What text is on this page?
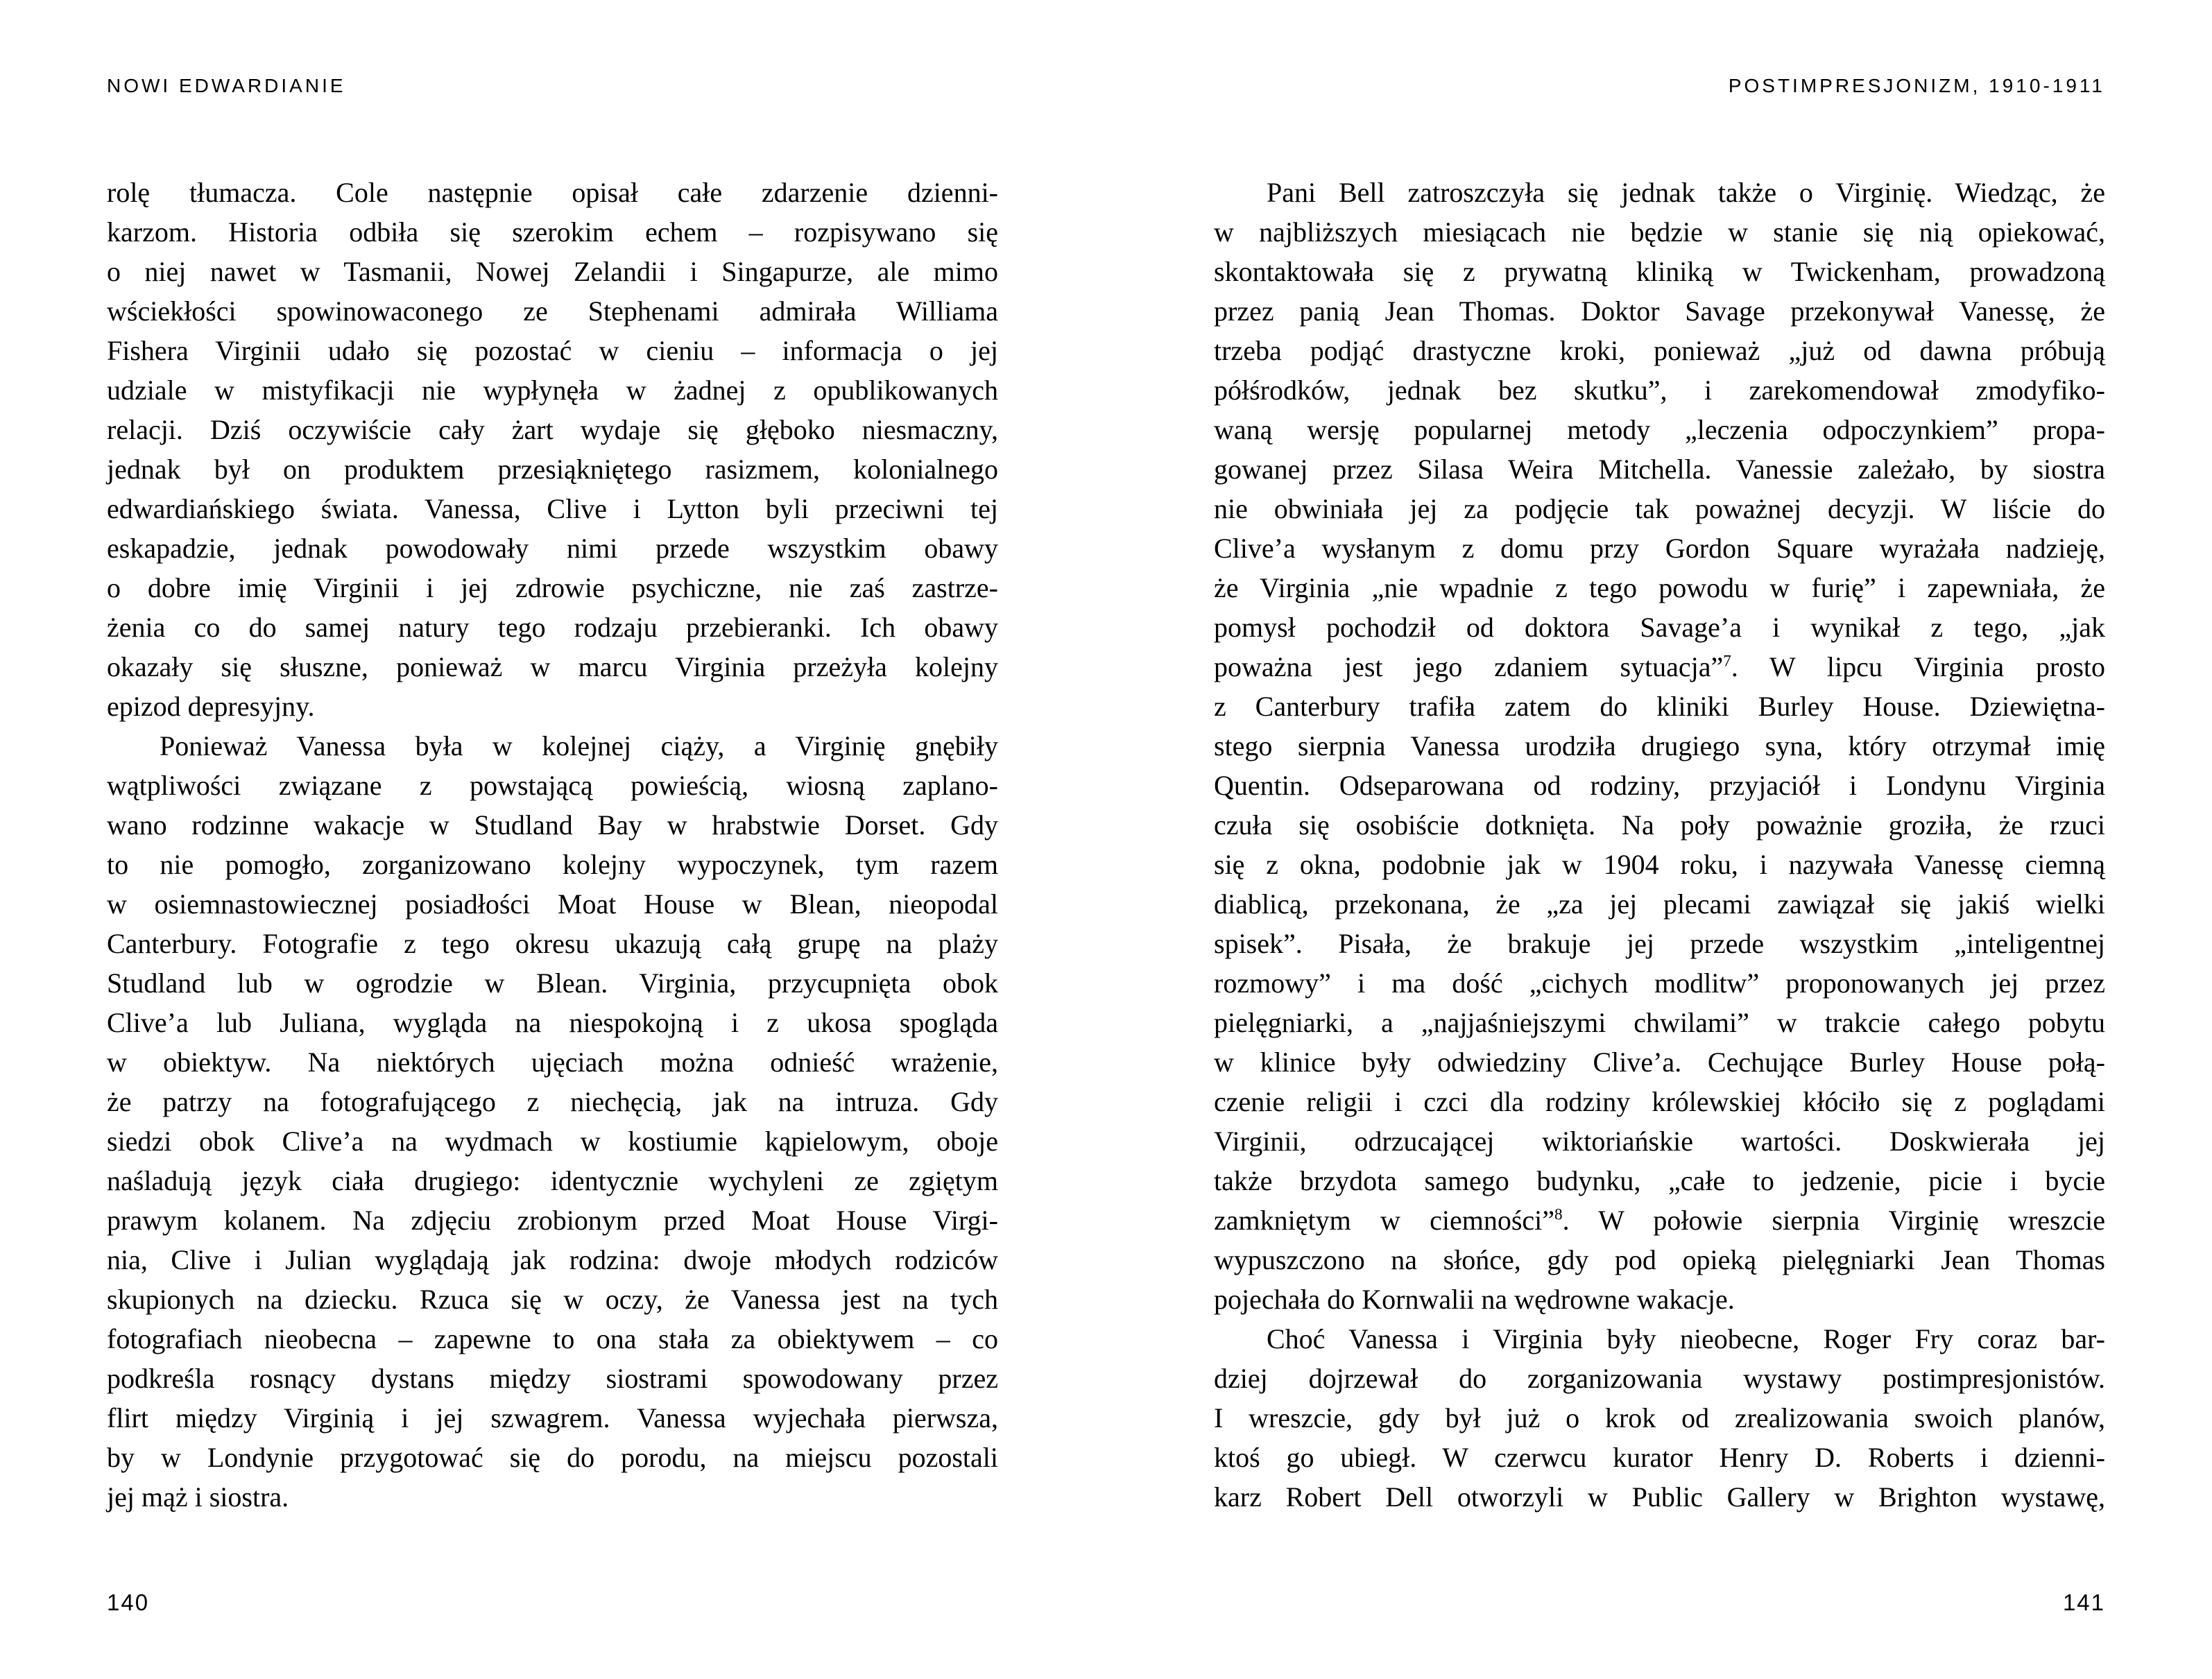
NOWI EDWARDIANIE
rolę tłumacza. Cole następnie opisał całe zdarzenie dzienni-
karzom. Historia odbiła się szerokim echem – rozpisywano się
o niej nawet w Tasmanii, Nowej Zelandii i Singapurze, ale mimo
wściekłości spowinowaconego ze Stephenami admirała Williama
Fishera Virginii udało się pozostać w cieniu – informacja o jej
udziale w mistyfikacji nie wypłynęła w żadnej z opublikowanych
relacji. Dziś oczywiście cały żart wydaje się głęboko niesmaczny,
jednak był on produktem przesiąkniętego rasizmem, kolonialnego
edwardiańskiego świata. Vanessa, Clive i Lytton byli przeciwni tej
eskapadzie, jednak powodowały nimi przede wszystkim obawy
o dobre imię Virginii i jej zdrowie psychiczne, nie zaś zastrze-
żenia co do samej natury tego rodzaju przebieranki. Ich obawy
okazały się słuszne, ponieważ w marcu Virginia przeżyła kolejny
epizod depresyjny.
Ponieważ Vanessa była w kolejnej ciąży, a Virginię gnębiły
wątpliwości związane z powstającą powieścią, wiosną zaplano-
wano rodzinne wakacje w Studland Bay w hrabstwie Dorset. Gdy
to nie pomogło, zorganizowano kolejny wypoczynek, tym razem
w osiemnastowiecznej posiadłości Moat House w Blean, nieopodal
Canterbury. Fotografie z tego okresu ukazują całą grupę na plaży
Studland lub w ogrodzie w Blean. Virginia, przycupnięta obok
Clive’a lub Juliana, wygląda na niespokojną i z ukosa spogląda
w obiektyw. Na niektórych ujęciach można odnieść wrażenie,
że patrzy na fotografującego z niechęcią, jak na intruza. Gdy
siedzi obok Clive’a na wydmach w kostiumie kąpielowym, oboje
naśladują język ciała drugiego: identycznie wychyleni ze zgiętym
prawym kolanem. Na zdjęciu zrobionym przed Moat House Virgi-
nia, Clive i Julian wyglądają jak rodzina: dwoje młodych rodziców
skupionych na dziecku. Rzuca się w oczy, że Vanessa jest na tych
fotografiach nieobecna – zapewne to ona stała za obiektywem – co
podkreśla rosnący dystans między siostrami spowodowany przez
flirt między Virginią i jej szwagrem. Vanessa wyjechała pierwsza,
by w Londynie przygotować się do porodu, na miejscu pozostali
jej mąż i siostra.
140
POSTIMPRESJONIZM, 1910-1911
Pani Bell zatroszczyła się jednak także o Virginię. Wiedząc, że
w najbliższych miesiącach nie będzie w stanie się nią opiekować,
skontaktowała się z prywatną kliniką w Twickenham, prowadzoną
przez panią Jean Thomas. Doktor Savage przekonywał Vanessę, że
trzeba podjąć drastyczne kroki, ponieważ „już od dawna próbują
półśrodków, jednak bez skutku”, i zarekomendował zmodyfiko-
waną wersję popularnej metody „leczenia odpoczynkiem” propa-
gowanej przez Silasa Weira Mitchella. Vanessie zależało, by siostra
nie obwiniała jej za podjęcie tak poważnej decyzji. W liście do
Clive’a wysłanym z domu przy Gordon Square wyrażała nadzieję,
że Virginia „nie wpadnie z tego powodu w furię” i zapewniała, że
pomysł pochodził od doktora Savage’a i wynikał z tego, „jak
poważna jest jego zdaniem sytuacja”$^7$. W lipcu Virginia prosto
z Canterbury trafiła zatem do kliniki Burley House. Dziewiętna-
stego sierpnia Vanessa urodziła drugiego syna, który otrzymał imię
Quentin. Odseparowana od rodziny, przyjaciół i Londynu Virginia
czuła się osobiście dotknięta. Na poły poważnie groziła, że rzuci
się z okna, podobnie jak w 1904 roku, i nazywała Vanessę ciemną
diablicą, przekonana, że „za jej plecami zawiązał się jakiś wielki
spisek”. Pisała, że brakuje jej przede wszystkim „inteligentnej
rozmowy” i ma dość „cichych modlitw” proponowanych jej przez
pielęgniarki, a „najjaśniejszymi chwilami” w trakcie całego pobytu
w klinice były odwiedziny Clive’a. Cechujące Burley House połą-
czenie religii i czci dla rodziny królewskiej kłóciło się z poglądami
Virginii, odrzucającej wiktoriańskie wartości. Doskwierała jej
także brzydota samego budynku, „całe to jedzenie, picie i bycie
zamkniętym w ciemności”$^8$. W połowie sierpnia Virginię wreszcie
wypuszczono na słońce, gdy pod opieką pielęgniarki Jean Thomas
pojechała do Kornwalii na wędrowne wakacje.
Choć Vanessa i Virginia były nieobecne, Roger Fry coraz bar-
dziej dojrzewał do zorganizowania wystawy postimpresjonistów.
I wreszcie, gdy był już o krok od zrealizowania swoich planów,
ktoś go ubiegł. W czerwcu kurator Henry D. Roberts i dzienni-
karz Robert Dell otworzyli w Public Gallery w Brighton wystawę,
141
